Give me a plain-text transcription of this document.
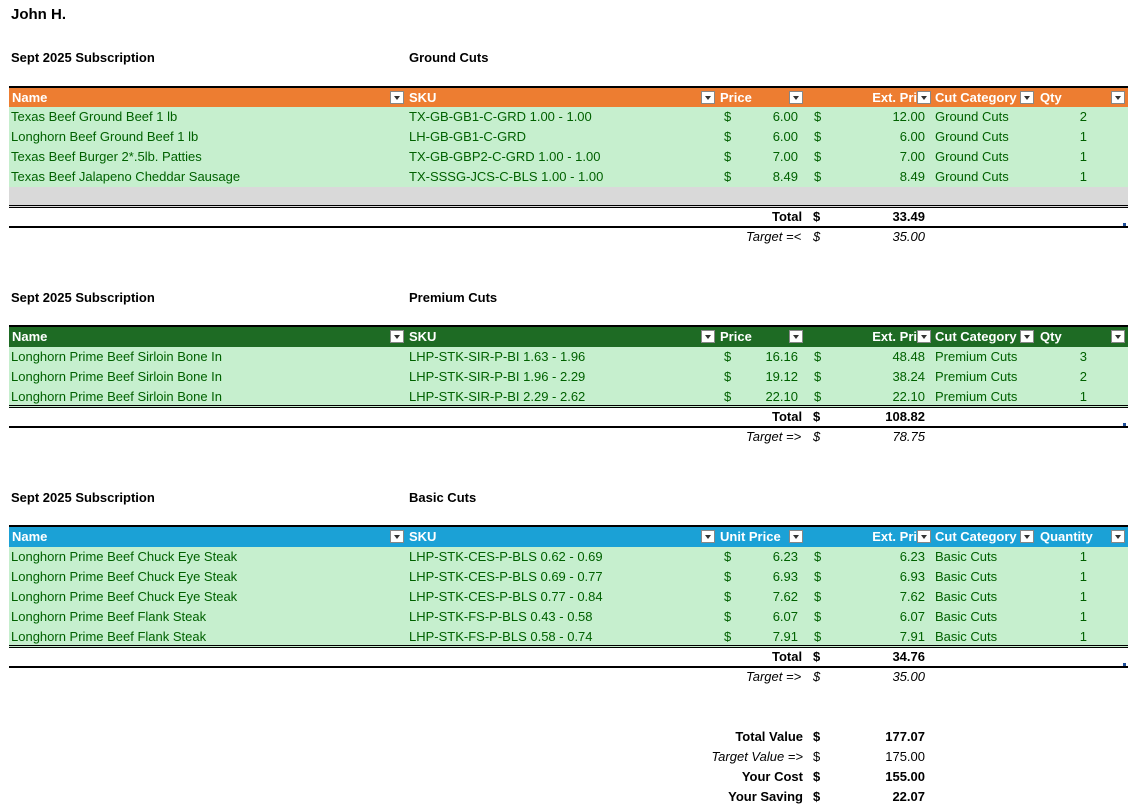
John H.
Sept 2025 Subscription	Ground Cuts
Name	SKU	Price	Ext. Pri Cut Category	Qty
Texas Beef Ground Beef 1 lb	TX-GB-GB1-C-GRD 1.00 - 1.00	$	6.00 $	12.00 Ground Cuts	2
Longhorn Beef Ground Beef 1 lb	LH-GB-GB1-C-GRD	$	6.00 $	6.00 Ground Cuts	1
Texas Beef Burger 2*.5lb. Patties	TX-GB-GBP2-C-GRD 1.00 - 1.00	$	7.00 $	7.00 Ground Cuts	1
Texas Beef Jalapeno Cheddar Sausage	TX-SSSG-JCS-C-BLS 1.00 - 1.00	$	8.49 $	8.49 Ground Cuts	1
Total $	33.49
Target =< $	35.00
Sept 2025 Subscription	Premium Cuts
Name	SKU	Price	Ext. Pri Cut Category	Qty
Longhorn Prime Beef Sirloin Bone In	LHP-STK-SIR-P-BI 1.63 - 1.96	$	16.16 $	48.48 Premium Cuts	3
Longhorn Prime Beef Sirloin Bone In	LHP-STK-SIR-P-BI 1.96 - 2.29	$	19.12 $	38.24 Premium Cuts	2
Longhorn Prime Beef Sirloin Bone In	LHP-STK-SIR-P-BI 2.29 - 2.62	$	22.10 $	22.10 Premium Cuts	1
Total $	108.82
Target => $	78.75
Sept 2025 Subscription	Basic Cuts
Name	SKU	Unit Price	Ext. Pri Cut Category	Quantity
Longhorn Prime Beef Chuck Eye Steak	LHP-STK-CES-P-BLS 0.62 - 0.69	$	6.23 $	6.23 Basic Cuts	1
Longhorn Prime Beef Chuck Eye Steak	LHP-STK-CES-P-BLS 0.69 - 0.77	$	6.93 $	6.93 Basic Cuts	1
Longhorn Prime Beef Chuck Eye Steak	LHP-STK-CES-P-BLS 0.77 - 0.84	$	7.62 $	7.62 Basic Cuts	1
Longhorn Prime Beef Flank Steak	LHP-STK-FS-P-BLS 0.43 - 0.58	$	6.07 $	6.07 Basic Cuts	1
Longhorn Prime Beef Flank Steak	LHP-STK-FS-P-BLS 0.58 - 0.74	$	7.91 $	7.91 Basic Cuts	1
Total $	34.76
Target => $	35.00
Total Value $	177.07
Target Value => $	175.00
Your Cost $	155.00
Your Saving $	22.07
